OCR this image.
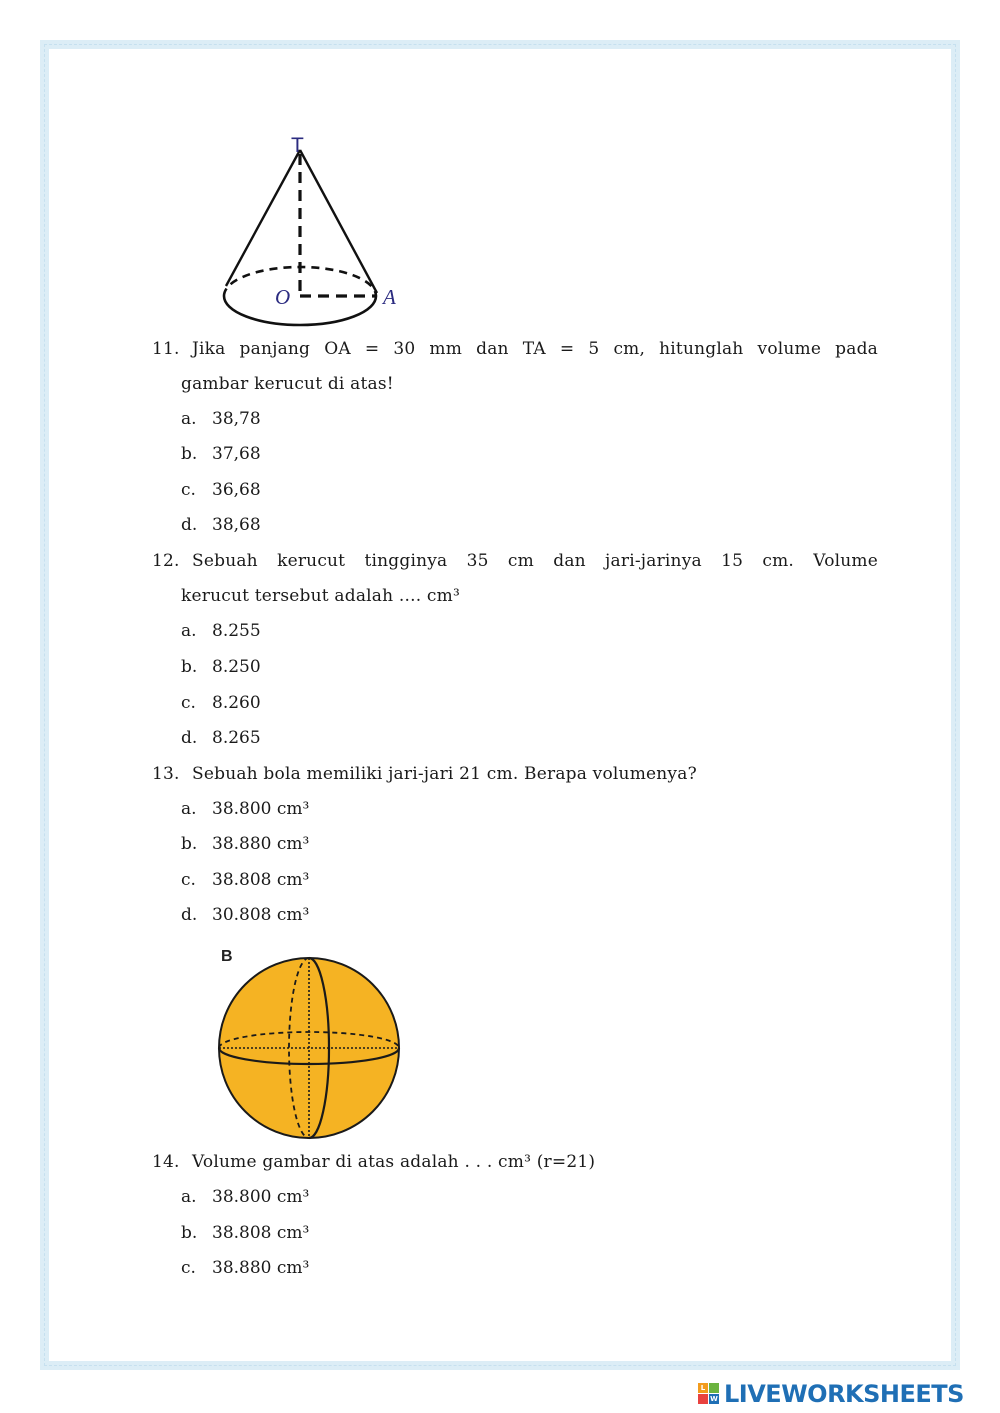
T
O	A
11. Jika panjang OA = 30 mm dan TA = 5 cm, hitunglah volume pada
gambar kerucut di atas!
a. 38,78
b. 37,68
c. 36,68
d. 38,68
12. Sebuah kerucut tingginya 35 cm dan jari-jarinya 15 cm. Volume
kerucut tersebut adalah .... cm³
a. 8.255
b. 8.250
c. 8.260
d. 8.265
13. Sebuah bola memiliki jari-jari 21 cm. Berapa volumenya?
a. 38.800 cm³
b. 38.880 cm³
c. 38.808 cm³
d. 30.808 cm³
B
14. Volume gambar di atas adalah . . . cm³ (r=21)
a. 38.800 cm³
b. 38.808 cm³
c. 38.880 cm³
L
W LIVEWORKSHEETS
